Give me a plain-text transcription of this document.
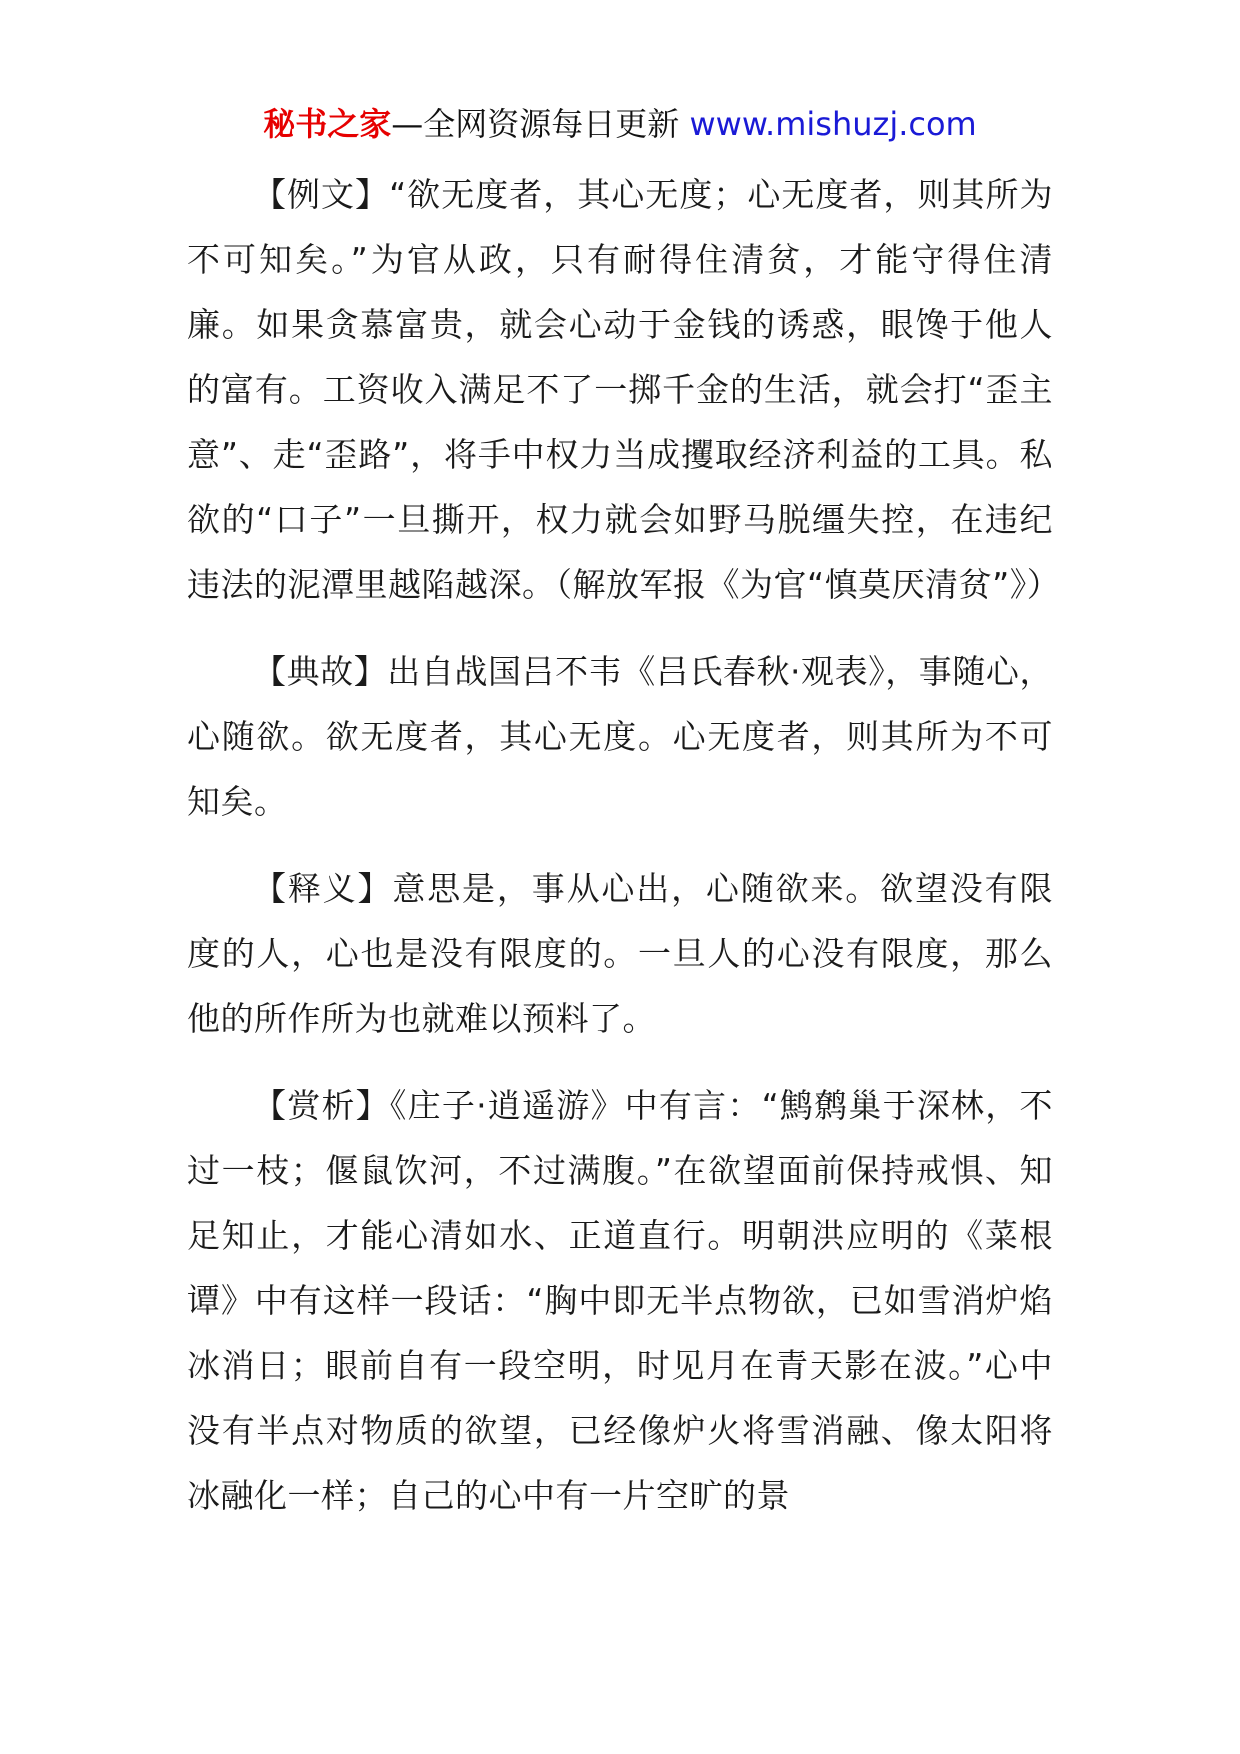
秘书之家—全网资源每日更新 www.mishuzj.com

【例文】“欲无度者，其心无度；心无度者，则其所为不可知矣。”为官从政，只有耐得住清贫，才能守得住清廉。如果贪慕富贵，就会心动于金钱的诱惑，眼馋于他人的富有。工资收入满足不了一掷千金的生活，就会打“歪主意”、走“歪路”，将手中权力当成攫取经济利益的工具。私欲的“口子”一旦撕开，权力就会如野马脱缰失控，在违纪违法的泥潭里越陷越深。（解放军报《为官“慎莫厌清贫”》）

【典故】出自战国吕不韦《吕氏春秋·观表》，事随心，心随欲。欲无度者，其心无度。心无度者，则其所为不可知矣。

【释义】意思是，事从心出，心随欲来。欲望没有限度的人，心也是没有限度的。一旦人的心没有限度，那么他的所作所为也就难以预料了。

【赏析】《庄子·逍遥游》中有言：“鹪鹩巢于深林，不过一枝；偃鼠饮河，不过满腹。”在欲望面前保持戒惧、知足知止，才能心清如水、正道直行。明朝洪应明的《菜根谭》中有这样一段话：“胸中即无半点物欲，已如雪消炉焰冰消日；眼前自有一段空明，时见月在青天影在波。”心中没有半点对物质的欲望，已经像炉火将雪消融、像太阳将冰融化一样；自己的心中有一片空旷的景
